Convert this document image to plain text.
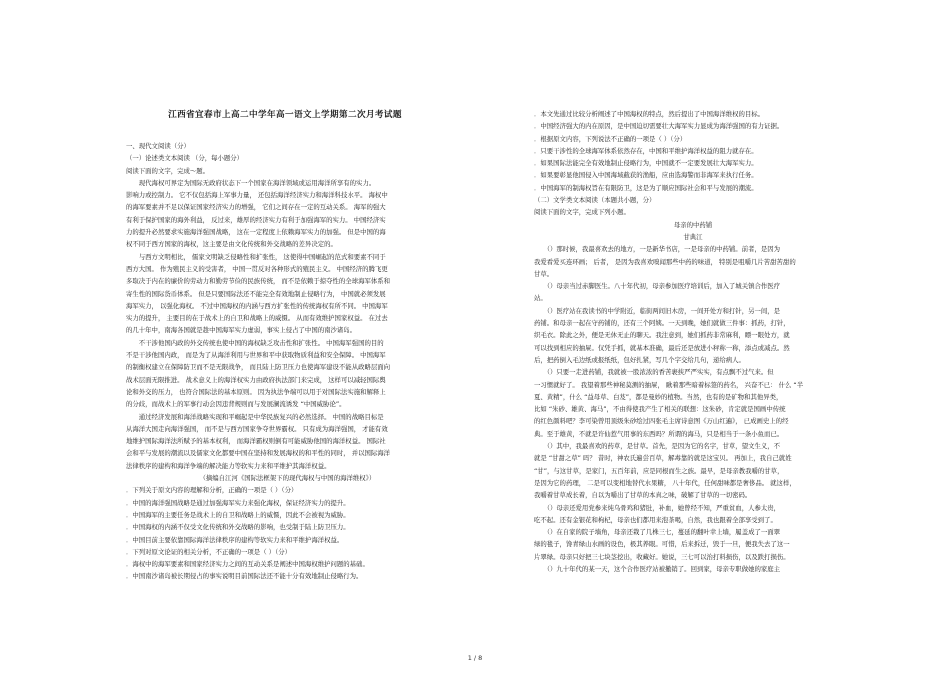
江西省宜春市上高二中学年高一语文上学期第二次月考试题
一、现代文阅读（分）
（一）论述类文本阅读 （分，每小题分）
阅读下面的文字，完成～题。
　　现代海权可界定为国际无政府状态下一个国家在海洋领域或运用海洋所享有的实力。
影响力或控制力。 它不仅包括海上军事力量， 还包括海洋经济实力和海洋科技水平。 海权中
的海军要素并不足以保证国家经济实力的增强， 它们之间存在一定的互动关系。 海军的强大
有利于保护国家的海外利益， 反过来，雄厚的经济实力有利于加强海军的实力。 中国经济实
力的提升必然要求实施海洋强国战略， 这在一定程度上依赖海军实力的加强。 但是中国的海
权不同于西方国家的海权，这主要是由文化传统和外交战略的差异决定的。
　　与西方文明相比， 儒家文明缺乏侵略性和扩张性， 这使得中国崛起的范式和要素不同于
西方大国。 作为殖民主义的受害者， 中国一贯反对各种形式的殖民主义。 中国经济的腾飞更
多取决于内在的廉价的劳动力和勤劳节俭的民族传统， 而不是依赖于掠夺性的全球海军体系和
寄生性的国际货币体系。 但是只要国际法还不能完全有效地制止侵略行为， 中国就必须发展
海军实力， 以强化海权。 不过中国海权的内涵与西方扩张性的传统海权有所不同。 中国海军
实力的提升， 主要目的在于战术上的自卫和战略上的威慑。 从而有效维护国家权益。 在过去
的几十年中，南海各国就是趁中国海军实力虚弱，事实上侵占了中国的南沙诸岛。
　　不干涉他国内政的外交传统也使中国的海权缺乏攻击性和扩张性。 中国海军强国的目的
不是干涉他国内政， 而是为了从海洋利用与世界和平中获取物质利益和安全保障。 中国海军
的制衡权建立在保障防卫而不是无限战争， 而且陆上防卫压力也使海军建设不能从政略层面向
战术层面无限推进。 战术意义上的海洋权实力由政府执法部门来完成， 这样可以减轻国际舆
论和外交的压力， 也符合国际法的基本原则。 因为执法争端可以用于对国际法实施和解释上
的分歧，而战术上的军事行动会因违背规则而与发展澜流诱发 “中国威胁论”。
　　通过经济发展和海洋战略实现和平崛起是中华民族复兴的必然选择。 中国的战略目标是
从海洋大国走向海洋强国， 而不是与西方国家争夺世界霸权。 只有成为海洋强国， 才能有效
地维护国际海洋法所赋予的基本权利， 而海洋霸权则倒有可能威胁他国的海洋权益。 国际社
会和平与发展的潮流以及儒家文化都要中国在坚持和发展海权的和平性的同时， 并以国际海洋
法律秩序的建构和海洋争端的解决能力等软实力来和平维护其海洋权益。
　　　　　　　　　　　　（摘编自江河《国际法框架下的现代海权与中国的海洋维权》）
．下列关于原文内容的理解和分析，正确的一项是（ ）（分）
．中国的海洋强国战略是通过加强海军实力来强化海权，保证经济实力的提升。
．中国海军的主要任务是战术上的自卫和战略上的威慑，因此不会被视为威胁。
．中国海权的内涵不仅受文化传统和外交战略的影响，也受制于陆上防卫压力。
．中国目前主要依靠国际海洋法律秩序的建构等软实力来和平维护海洋权益。
．下列对原文论证的相关分析，不正确的一项是（ ）（分）
．海权中的海军要素和国家经济实力之间的互动关系是阐述中国海权维护问题的基础。
．中国南沙诸岛被长期侵占的事实说明目前国际法还不能十分有效地制止侵略行为。
．本文先通过比较分析阐述了中国海权的特点，然后提出了中国海洋维权的目标。
．中国经济强大的内在原因，是中国迫切需要壮大海军实力显成为海洋强国的有力证据。
．根据原文内容，下列说法不正确的一项是（ ）（分）
．只要干涉性的全球海军体系依然存在，中国和平维护海洋权益的阻力就存在。
．如果国际法能完全有效地制止侵略行为，中国就不一定要发展壮大海军实力。
．如果要彰显他国侵入中国海域截获的渔船，应由选海警而非海军来执行任务。
．中国海军的制海权旨在有限防卫，这是为了顺应国际社会和平与发展的潮流。
（二）文学类文本阅读（本题共小题，分）
阅读下面的文字，完成下列小题。
母亲的中药铺
甘典江
　　（）那时候，我最喜欢去的地方，一是新华书店，一是母亲的中药铺。前者，是因为
我爱看爱买连环画； 后者， 是因为我喜欢嗅闻那些中药的味道， 特别是咀嚼几片苦甜苦甜的
甘草。
　　（）母亲当过赤脚医生。八十年代初，母亲参加医疗培训后，加入了城关镇合作医疗
站。
　　（）医疗站在我读书的中学附近，临街两间旧木房，一间开处方和打针，另一间，是
药铺。和母亲一起在守药铺的，还有三个阿姨。一天到晚，她们就做三件事：抓药，打针，
织毛衣。除此之外，便是无休无止的聊天。我注意到，她们抓药非常麻利，瞟一眼处方，就
可以找到相应的抽屉。仅凭手抓，就基本准确，最后还是放进小秤称一称，添点或减点。然
后，把药倒入毛边纸或报纸纸，包好扎紧，写几个字交给几句，递给病人。
　　（）只要一走进药铺，我就被一股浓浓的香苦裹挟严严实实，有点飘不过气来。但
一习惯就好了。 我望着那些神秘莫测的抽屉， 瞅着那些暗着标签的药名， 兴奋不已： 什么 “半
夏、黄精”，什么 “益母草、白芨”，都是曼妙的植物。当然，也有的是矿物和其他异类，
比如 “朱砂、雄黄、海马”，不由得使我产生了相关的联想：这朱砂，肯定就是国画中传统
的红色颜料吧？李可染曾用顶级朱砂绘过四张毛主席诗意图《万山红遍》， 已成画史上的经
典。至于雄黄，不就是许仙惹气用事的东西吗？所谓的海马，只是相当于一条小鱼而已。
　　（）其中，我最喜欢的药草，是甘草。首先，是因为它的名字，甘草，望文生义，不
就是 “甘甜之草” 吗？ 昔时，神农氏遍尝百草，解毒靠的就是这宝贝。 再加上，我自己就姓
“甘”，与这甘草，是家门，五百年前，应是同根而生之族。最早，是母亲教我嚼的甘草，
是因为它的药理， 二是可以变相地替代水果糖， 八十年代，任何甜味都是奢侈品。 就这样，
我嚼着甘草成长着，自以为嚼出了甘草的本真之味，破解了甘草的一切密码。
　　（）母亲还爱用党参来炖乌骨鸡和猪肚，补血，她曾经不知，严重贫血，人参太贵，
吃不起。还有金银花和枸杞，母亲也们都用来泡茶喝，自然，我也跟着全部享受到了。
　　（）在自家的院子墙角，母亲还栽了几株三七，蔓延的翻叶幸上墙，履盖成了一面翠
绿的毯子，馋青绿山水画的设色，极其养眼。可惜，后来拆迁，毁于一旦，便我失去了这一
片翠绿。母亲只好把三七块茎挖出，收藏好。她说，三七可以治打料损伤，以及跌打损伤。
　　（）九十年代的某一天，这个合作医疗站被撤销了。回到家，母亲专职做她的家庭主
1 / 8
